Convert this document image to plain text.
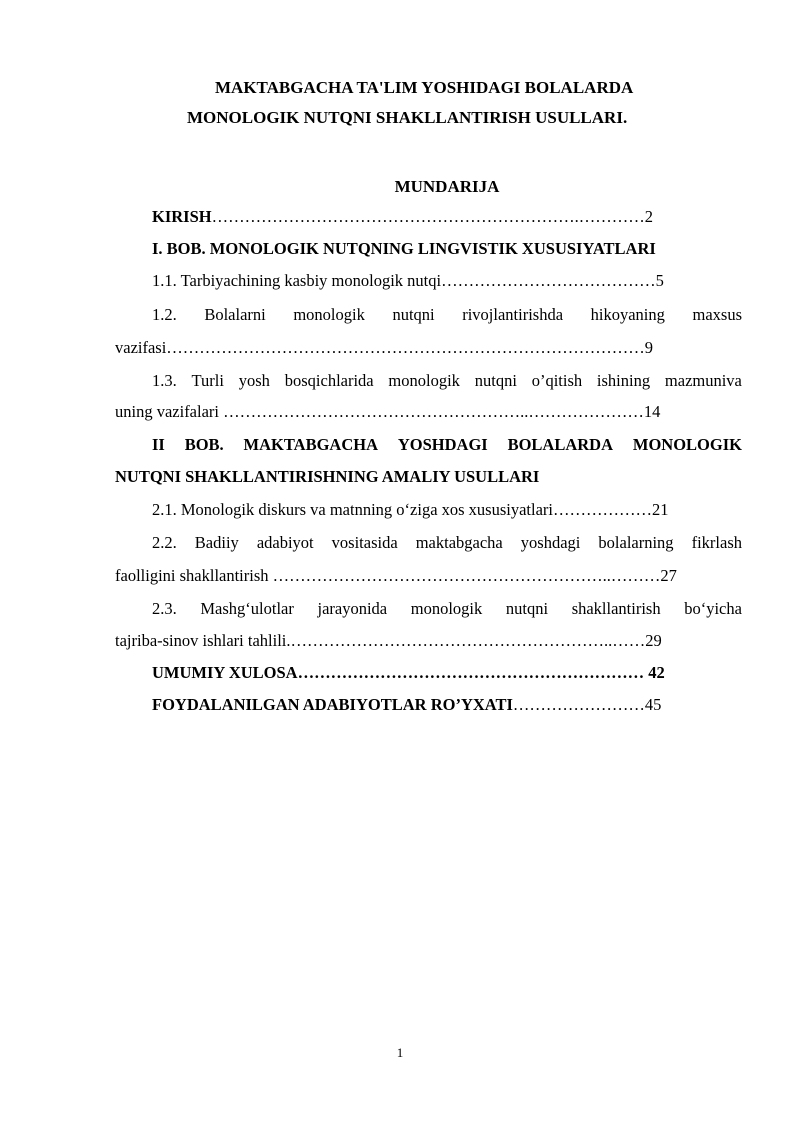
MAKTABGACHA TA'LIM YOSHIDAGI BOLALARDA
MONOLOGIK NUTQNI SHAKLLANTIRISH USULLARI.
MUNDARIJA
KIRISH………………………………………………………….…………2
I. BOB. MONOLOGIK NUTQNING LINGVISTIK XUSUSIYATLARI
1.1. Tarbiyachining kasbiy monologik nutqi…………………………………5
1.2. Bolalarni monologik nutqni rivojlantirishda hikoyaning maxsus
vazifasi……………………………………………………………………………9
1.3. Turli yosh bosqichlarida monologik nutqni o’qitish ishining mazmuniva
uning vazifalari ………………………………………………..…………………14
II BOB. MAKTABGACHA YOSHDAGI BOLALARDA MONOLOGIK
NUTQNI SHAKLLANTIRISHNING AMALIY USULLARI
2.1. Monologik diskurs va matnning o‘ziga xos xususiyatlari………………21
2.2. Badiiy adabiyot vositasida maktabgacha yoshdagi bolalarning fikrlash
faolligini shakllantirish ……………………………………………………..………27
2.3. Mashg‘ulotlar jarayonida monologik nutqni shakllantirish bo‘yicha
tajriba-sinov ishlari tahlili.…………………………………………………..……29
UMUMIY XULOSA……………………………………………………… 42
FOYDALANILGAN ADABIYOTLAR RO’YXATI……………………45
1
